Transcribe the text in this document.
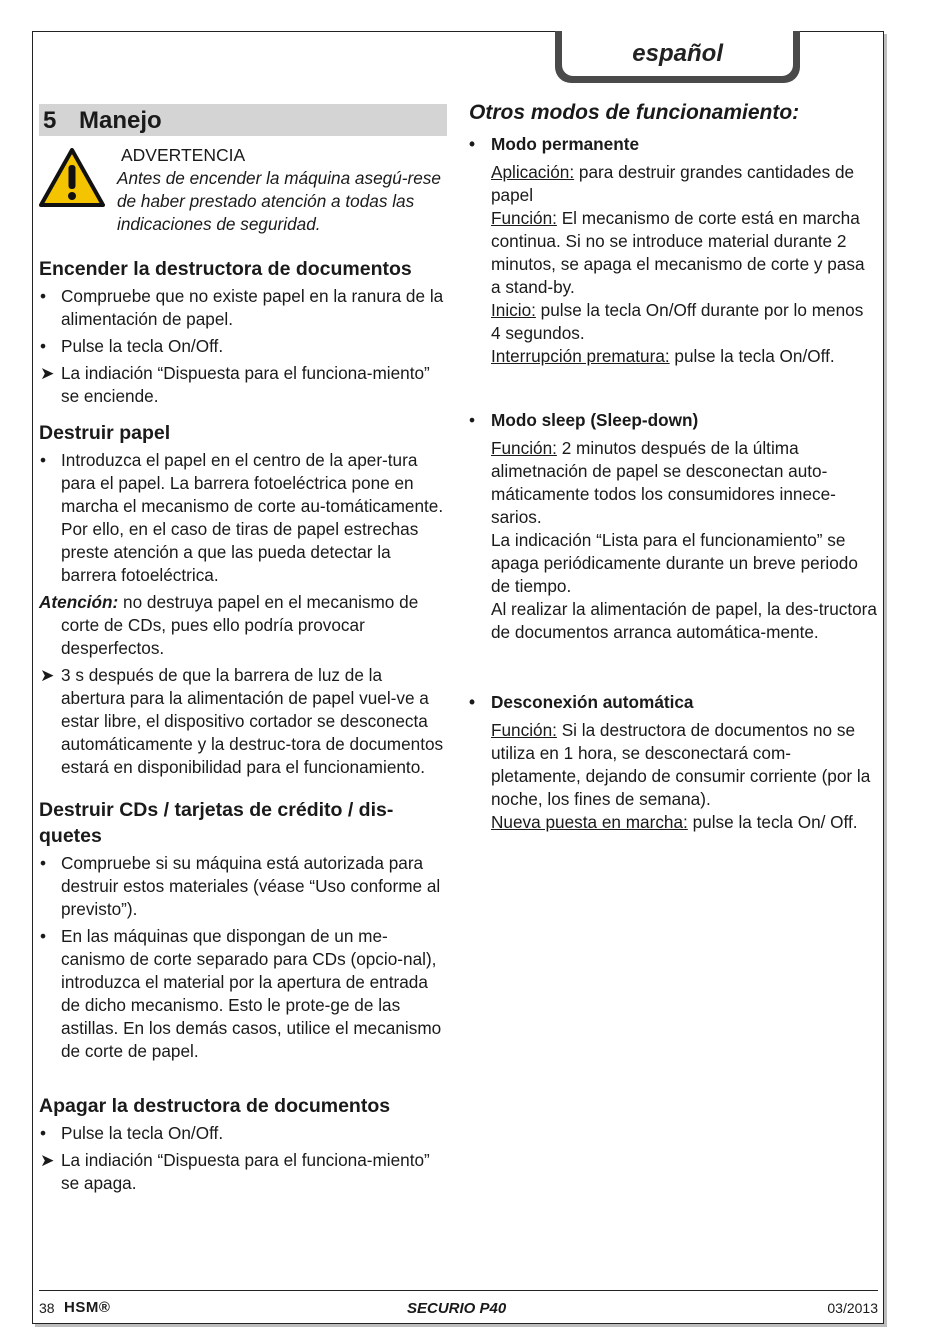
español
5 Manejo
ADVERTENCIA
Antes de encender la máquina asegú-rese de haber prestado atención a todas las indicaciones de seguridad.
Encender la destructora de documentos
• Compruebe que no existe papel en la ranura de la alimentación de papel.
• Pulse la tecla On/Off.
➤ La indiación “Dispuesta para el funciona-miento” se enciende.
Destruir papel
• Introduzca el papel en el centro de la aper-tura para el papel. La barrera fotoeléctrica pone en marcha el mecanismo de corte au-tomáticamente. Por ello, en el caso de tiras de papel estrechas preste atención a que las pueda detectar la barrera fotoeléctrica.
Atención: no destruya papel en el mecanismo de corte de CDs, pues ello podría provocar desperfectos.
➤ 3 s después de que la barrera de luz de la abertura para la alimentación de papel vuel-ve a estar libre, el dispositivo cortador se desconecta automáticamente y la destruc-tora de documentos estará en disponibilidad para el funcionamiento.
Destruir CDs / tarjetas de crédito / dis-quetes
• Compruebe si su máquina está autorizada para destruir estos materiales (véase “Uso conforme al previsto”).
• En las máquinas que dispongan de un me-canismo de corte separado para CDs (opcio-nal), introduzca el material por la apertura de entrada de dicho mecanismo. Esto le prote-ge de las astillas. En los demás casos, utilice el mecanismo de corte de papel.
Apagar la destructora de documentos
• Pulse la tecla On/Off.
➤ La indiación “Dispuesta para el funciona-miento” se apaga.
Otros modos de funcionamiento:
• Modo permanente
Aplicación: para destruir grandes cantidades de papel
Función: El mecanismo de corte está en marcha continua. Si no se introduce material durante 2 minutos, se apaga el mecanismo de corte y pasa a stand-by.
Inicio: pulse la tecla On/Off durante por lo menos 4 segundos.
Interrupción prematura: pulse la tecla On/Off.
• Modo sleep (Sleep-down)
Función: 2 minutos después de la última alimetnación de papel se desconectan auto-máticamente todos los consumidores innece-sarios.
La indicación “Lista para el funcionamiento” se apaga periódicamente durante un breve periodo de tiempo.
Al realizar la alimentación de papel, la des-tructora de documentos arranca automática-mente.
• Desconexión automática
Función: Si la destructora de documentos no se utiliza en 1 hora, se desconectará com-pletamente, dejando de consumir corriente (por la noche, los fines de semana).
Nueva puesta en marcha: pulse la tecla On/ Off.
38 HSM®	SECURIO P40	03/2013
